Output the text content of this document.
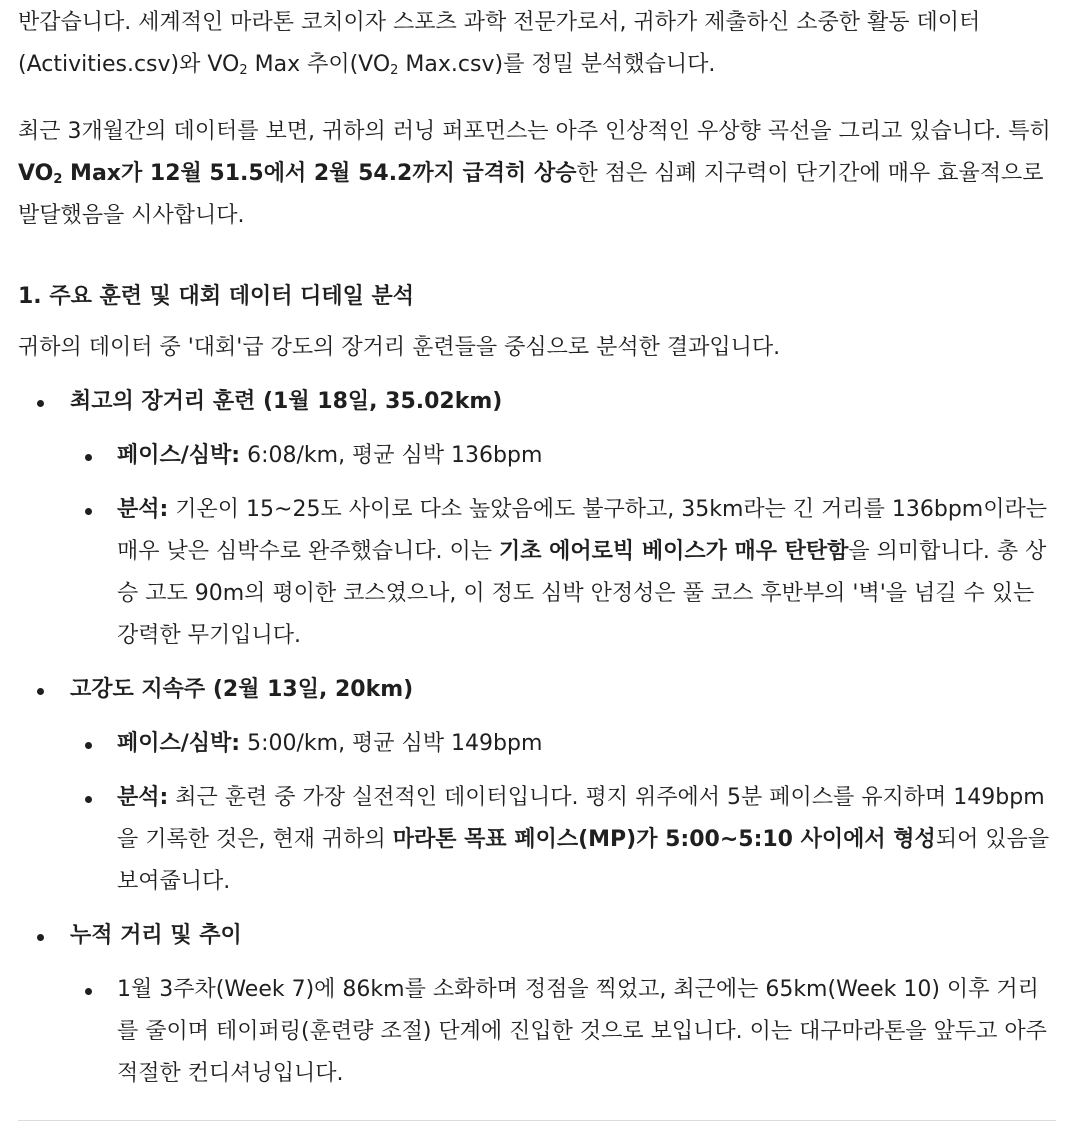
반갑습니다. 세계적인 마라톤 코치이자 스포츠 과학 전문가로서, 귀하가 제출하신 소중한 활동 데이터 (Activities.csv)와 $VO_2$ Max 추이($VO_2$ Max.csv)를 정밀 분석했습니다.

최근 3개월간의 데이터를 보면, 귀하의 러닝 퍼포먼스는 아주 인상적인 우상향 곡선을 그리고 있습니다. 특히 $VO_2$ Max가 12월 51.5에서 2월 54.2까지 급격히 상승한 점은 심폐 지구력이 단기간에 매우 효율적으로 발달했음을 시사합니다.

1. 주요 훈련 및 대회 데이터 디테일 분석

귀하의 데이터 중 '대회'급 강도의 장거리 훈련들을 중심으로 분석한 결과입니다.

최고의 장거리 훈련 (1월 18일, 35.02km)

페이스/심박: 6:08/km, 평균 심박 136bpm

분석: 기온이 15~25도 사이로 다소 높았음에도 불구하고, 35km라는 긴 거리를 136bpm이라는 매우 낮은 심박수로 완주했습니다. 이는 기초 에어로빅 베이스가 매우 탄탄함을 의미합니다. 총 상승 고도 90m의 평이한 코스였으나, 이 정도 심박 안정성은 풀 코스 후반부의 '벽'을 넘길 수 있는 강력한 무기입니다.

고강도 지속주 (2월 13일, 20km)

페이스/심박: 5:00/km, 평균 심박 149bpm

분석: 최근 훈련 중 가장 실전적인 데이터입니다. 평지 위주에서 5분 페이스를 유지하며 149bpm을 기록한 것은, 현재 귀하의 마라톤 목표 페이스(MP)가 5:00~5:10 사이에서 형성되어 있음을 보여줍니다.

누적 거리 및 추이

1월 3주차(Week 7)에 86km를 소화하며 정점을 찍었고, 최근에는 65km(Week 10) 이후 거리를 줄이며 테이퍼링(훈련량 조절) 단계에 진입한 것으로 보입니다. 이는 대구마라톤을 앞두고 아주 적절한 컨디셔닝입니다.
